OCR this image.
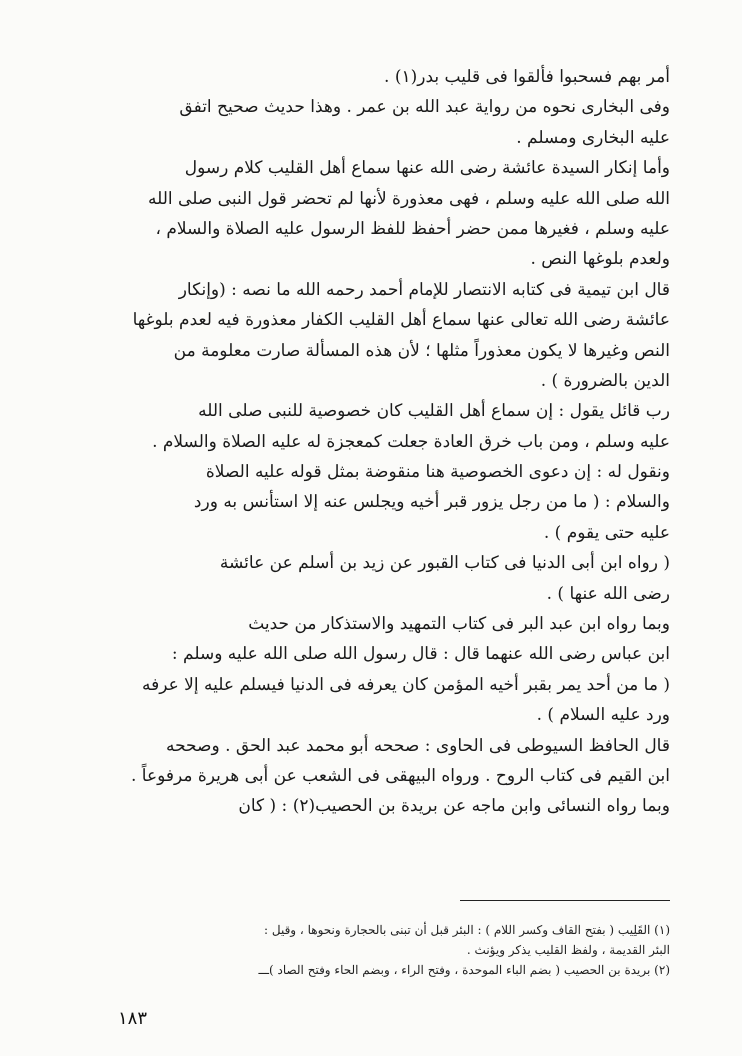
أمر بهم فسحبوا فألقوا فى قليب بدر(١) .
وفى البخارى نحوه من رواية عبد الله بن عمر . وهذا حديث صحيح اتفق
عليه البخارى ومسلم .
وأما إنكار السيدة عائشة رضى الله عنها سماع أهل القليب كلام رسول
الله صلى الله عليه وسلم ، فهى معذورة لأنها لم تحضر قول النبى صلى الله
عليه وسلم ، فغيرها ممن حضر أحفظ للفظ الرسول عليه الصلاة والسلام ،
ولعدم بلوغها النص .
قال ابن تيمية فى كتابه الانتصار للإمام أحمد رحمه الله ما نصه : (وإنكار
عائشة رضى الله تعالى عنها سماع أهل القليب الكفار معذورة فيه لعدم بلوغها
النص وغيرها لا يكون معذوراً مثلها ؛ لأن هذه المسألة صارت معلومة من
الدين بالضرورة ) .
رب قائل يقول : إن سماع أهل القليب كان خصوصية للنبى صلى الله
عليه وسلم ، ومن باب خرق العادة جعلت كمعجزة له عليه الصلاة والسلام .
ونقول له : إن دعوى الخصوصية هنا منقوضة بمثل قوله عليه الصلاة
والسلام : ( ما من رجل يزور قبر أخيه ويجلس عنه إلا استأنس به ورد
عليه حتى يقوم ) .
( رواه ابن أبى الدنيا فى كتاب القبور عن زيد بن أسلم عن عائشة
رضى الله عنها ) .
وبما رواه ابن عبد البر فى كتاب التمهيد والاستذكار من حديث
ابن عباس رضى الله عنهما قال : قال رسول الله صلى الله عليه وسلم :
( ما من أحد يمر بقبر أخيه المؤمن كان يعرفه فى الدنيا فيسلم عليه إلا عرفه
ورد عليه السلام ) .
قال الحافظ السيوطى فى الحاوى : صححه أبو محمد عبد الحق . وصححه
ابن القيم فى كتاب الروح . ورواه البيهقى فى الشعب عن أبى هريرة مرفوعاً .
وبما رواه النسائى وابن ماجه عن بريدة بن الحصيب(٢) : ( كان
(١) القَلِيب ( بفتح القاف وكسر اللام ) : البئر قبل أن تبنى بالحجارة ونحوها ، وقيل :
البئر القديمة ، ولفظ القليب يذكر ويؤنث .
(٢) بريدة بن الحصيب ( بضم الباء الموحدة ، وفتح الراء ، وبضم الحاء وفتح الصاد )ـــ
١٨٣
